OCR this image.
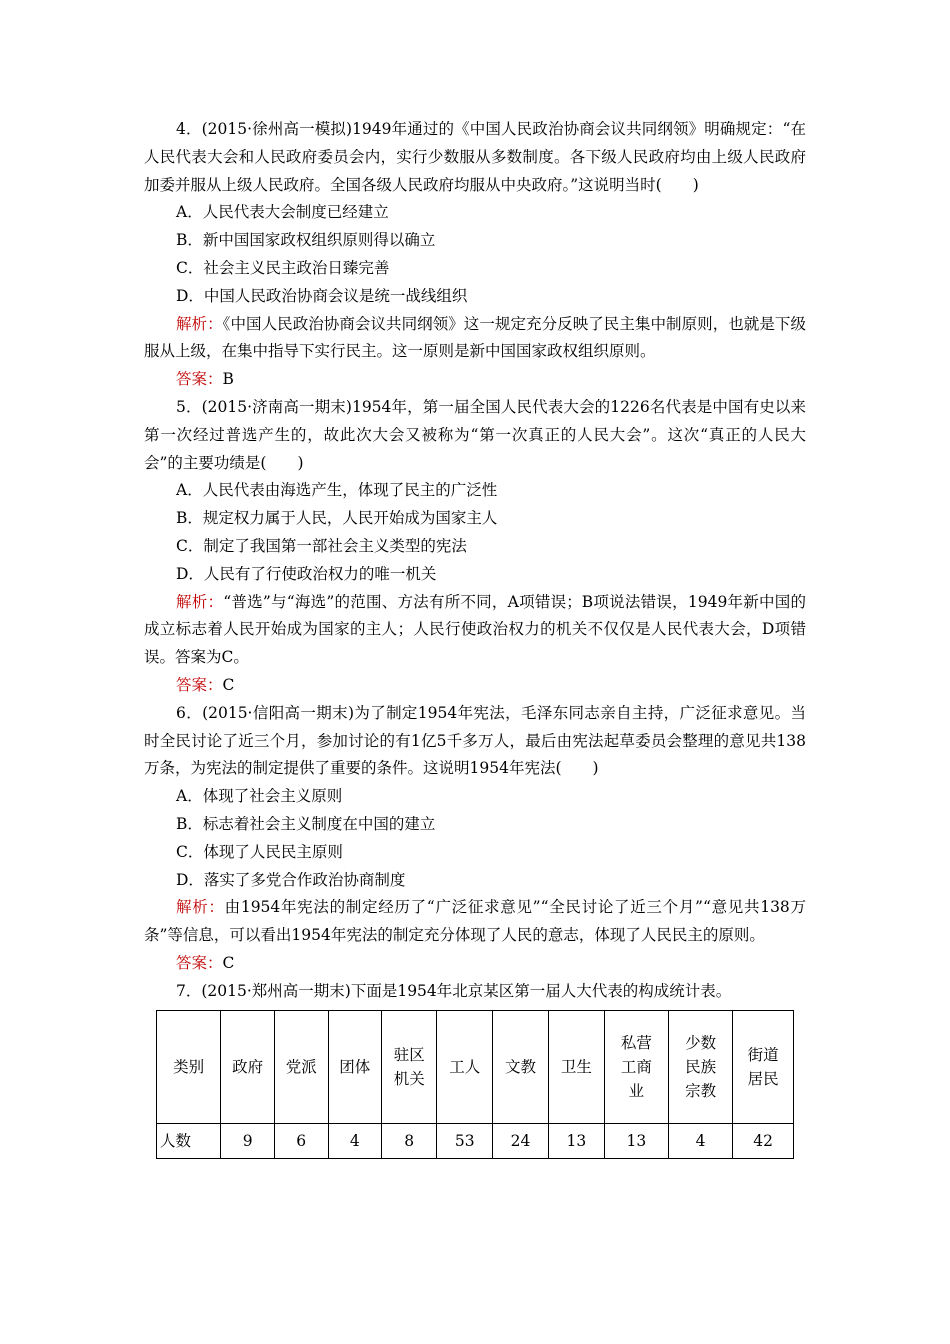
4．(2015·徐州高一模拟)1949年通过的《中国人民政治协商会议共同纲领》明确规定：“在人民代表大会和人民政府委员会内，实行少数服从多数制度。各下级人民政府均由上级人民政府加委并服从上级人民政府。全国各级人民政府均服从中央政府。”这说明当时(　　)

A．人民代表大会制度已经建立

B．新中国国家政权组织原则得以确立

C．社会主义民主政治日臻完善

D．中国人民政治协商会议是统一战线组织

解析：《中国人民政治协商会议共同纲领》这一规定充分反映了民主集中制原则，也就是下级服从上级，在集中指导下实行民主。这一原则是新中国国家政权组织原则。

答案：B

5．(2015·济南高一期末)1954年，第一届全国人民代表大会的1226名代表是中国有史以来第一次经过普选产生的，故此次大会又被称为“第一次真正的人民大会”。这次“真正的人民大会”的主要功绩是(　　)

A．人民代表由海选产生，体现了民主的广泛性

B．规定权力属于人民，人民开始成为国家主人

C．制定了我国第一部社会主义类型的宪法

D．人民有了行使政治权力的唯一机关

解析：“普选”与“海选”的范围、方法有所不同，A项错误；B项说法错误，1949年新中国的成立标志着人民开始成为国家的主人；人民行使政治权力的机关不仅仅是人民代表大会，D项错误。答案为C。

答案：C

6．(2015·信阳高一期末)为了制定1954年宪法，毛泽东同志亲自主持，广泛征求意见。当时全民讨论了近三个月，参加讨论的有1亿5千多万人，最后由宪法起草委员会整理的意见共138万条，为宪法的制定提供了重要的条件。这说明1954年宪法(　　)

A．体现了社会主义原则

B．标志着社会主义制度在中国的建立

C．体现了人民民主原则

D．落实了多党合作政治协商制度

解析：由1954年宪法的制定经历了“广泛征求意见”“全民讨论了近三个月”“意见共138万条”等信息，可以看出1954年宪法的制定充分体现了人民的意志，体现了人民民主的原则。

答案：C

7．(2015·郑州高一期末)下面是1954年北京某区第一届人大代表的构成统计表。

类别	政府	党派	团体	驻区机关	工人	文教	卫生	私营工商业	少数民族宗教	街道居民
人数	9	6	4	8	53	24	13	13	4	42
